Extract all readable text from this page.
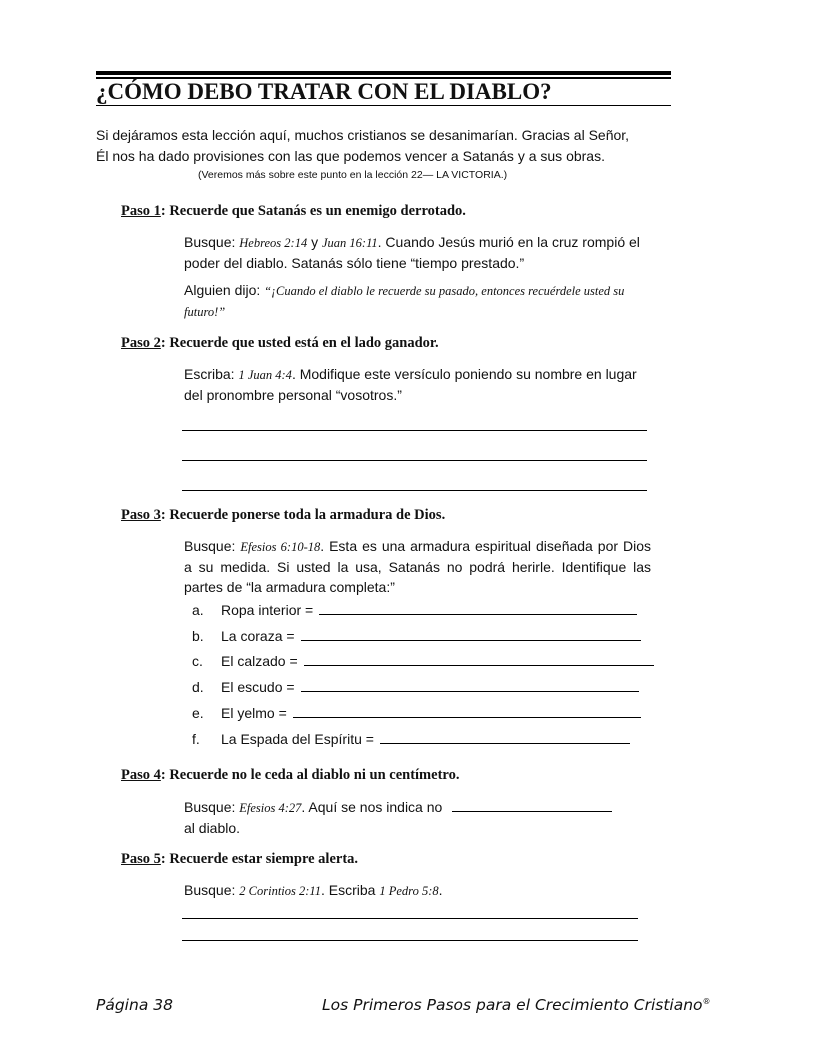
¿CÓMO DEBO TRATAR CON EL DIABLO?
Si dejáramos esta lección aquí, muchos cristianos se desanimarían. Gracias al Señor,
Él nos ha dado provisiones con las que podemos vencer a Satanás y a sus obras.
(Veremos más sobre este punto en la lección 22— LA VICTORIA.)
Paso 1: Recuerde que Satanás es un enemigo derrotado.
Busque: Hebreos 2:14 y Juan 16:11. Cuando Jesús murió en la cruz rompió el poder del diablo. Satanás sólo tiene “tiempo prestado.”
Alguien dijo: “¡Cuando el diablo le recuerde su pasado, entonces recuérdele usted su futuro!”
Paso 2: Recuerde que usted está en el lado ganador.
Escriba: 1 Juan 4:4. Modifique este versículo poniendo su nombre en lugar del pronombre personal “vosotros.”
Paso 3: Recuerde ponerse toda la armadura de Dios.
Busque: Efesios 6:10-18. Esta es una armadura espiritual diseñada por Dios a su medida. Si usted la usa, Satanás no podrá herirle. Identifique las partes de “la armadura completa:”
a. Ropa interior =
b. La coraza =
c. El calzado =
d. El escudo =
e. El yelmo =
f. La Espada del Espíritu =
Paso 4: Recuerde no le ceda al diablo ni un centímetro.
Busque: Efesios 4:27. Aquí se nos indica no
al diablo.
Paso 5: Recuerde estar siempre alerta.
Busque: 2 Corintios 2:11. Escriba 1 Pedro 5:8.
Página 38	Los Primeros Pasos para el Crecimiento Cristiano®
